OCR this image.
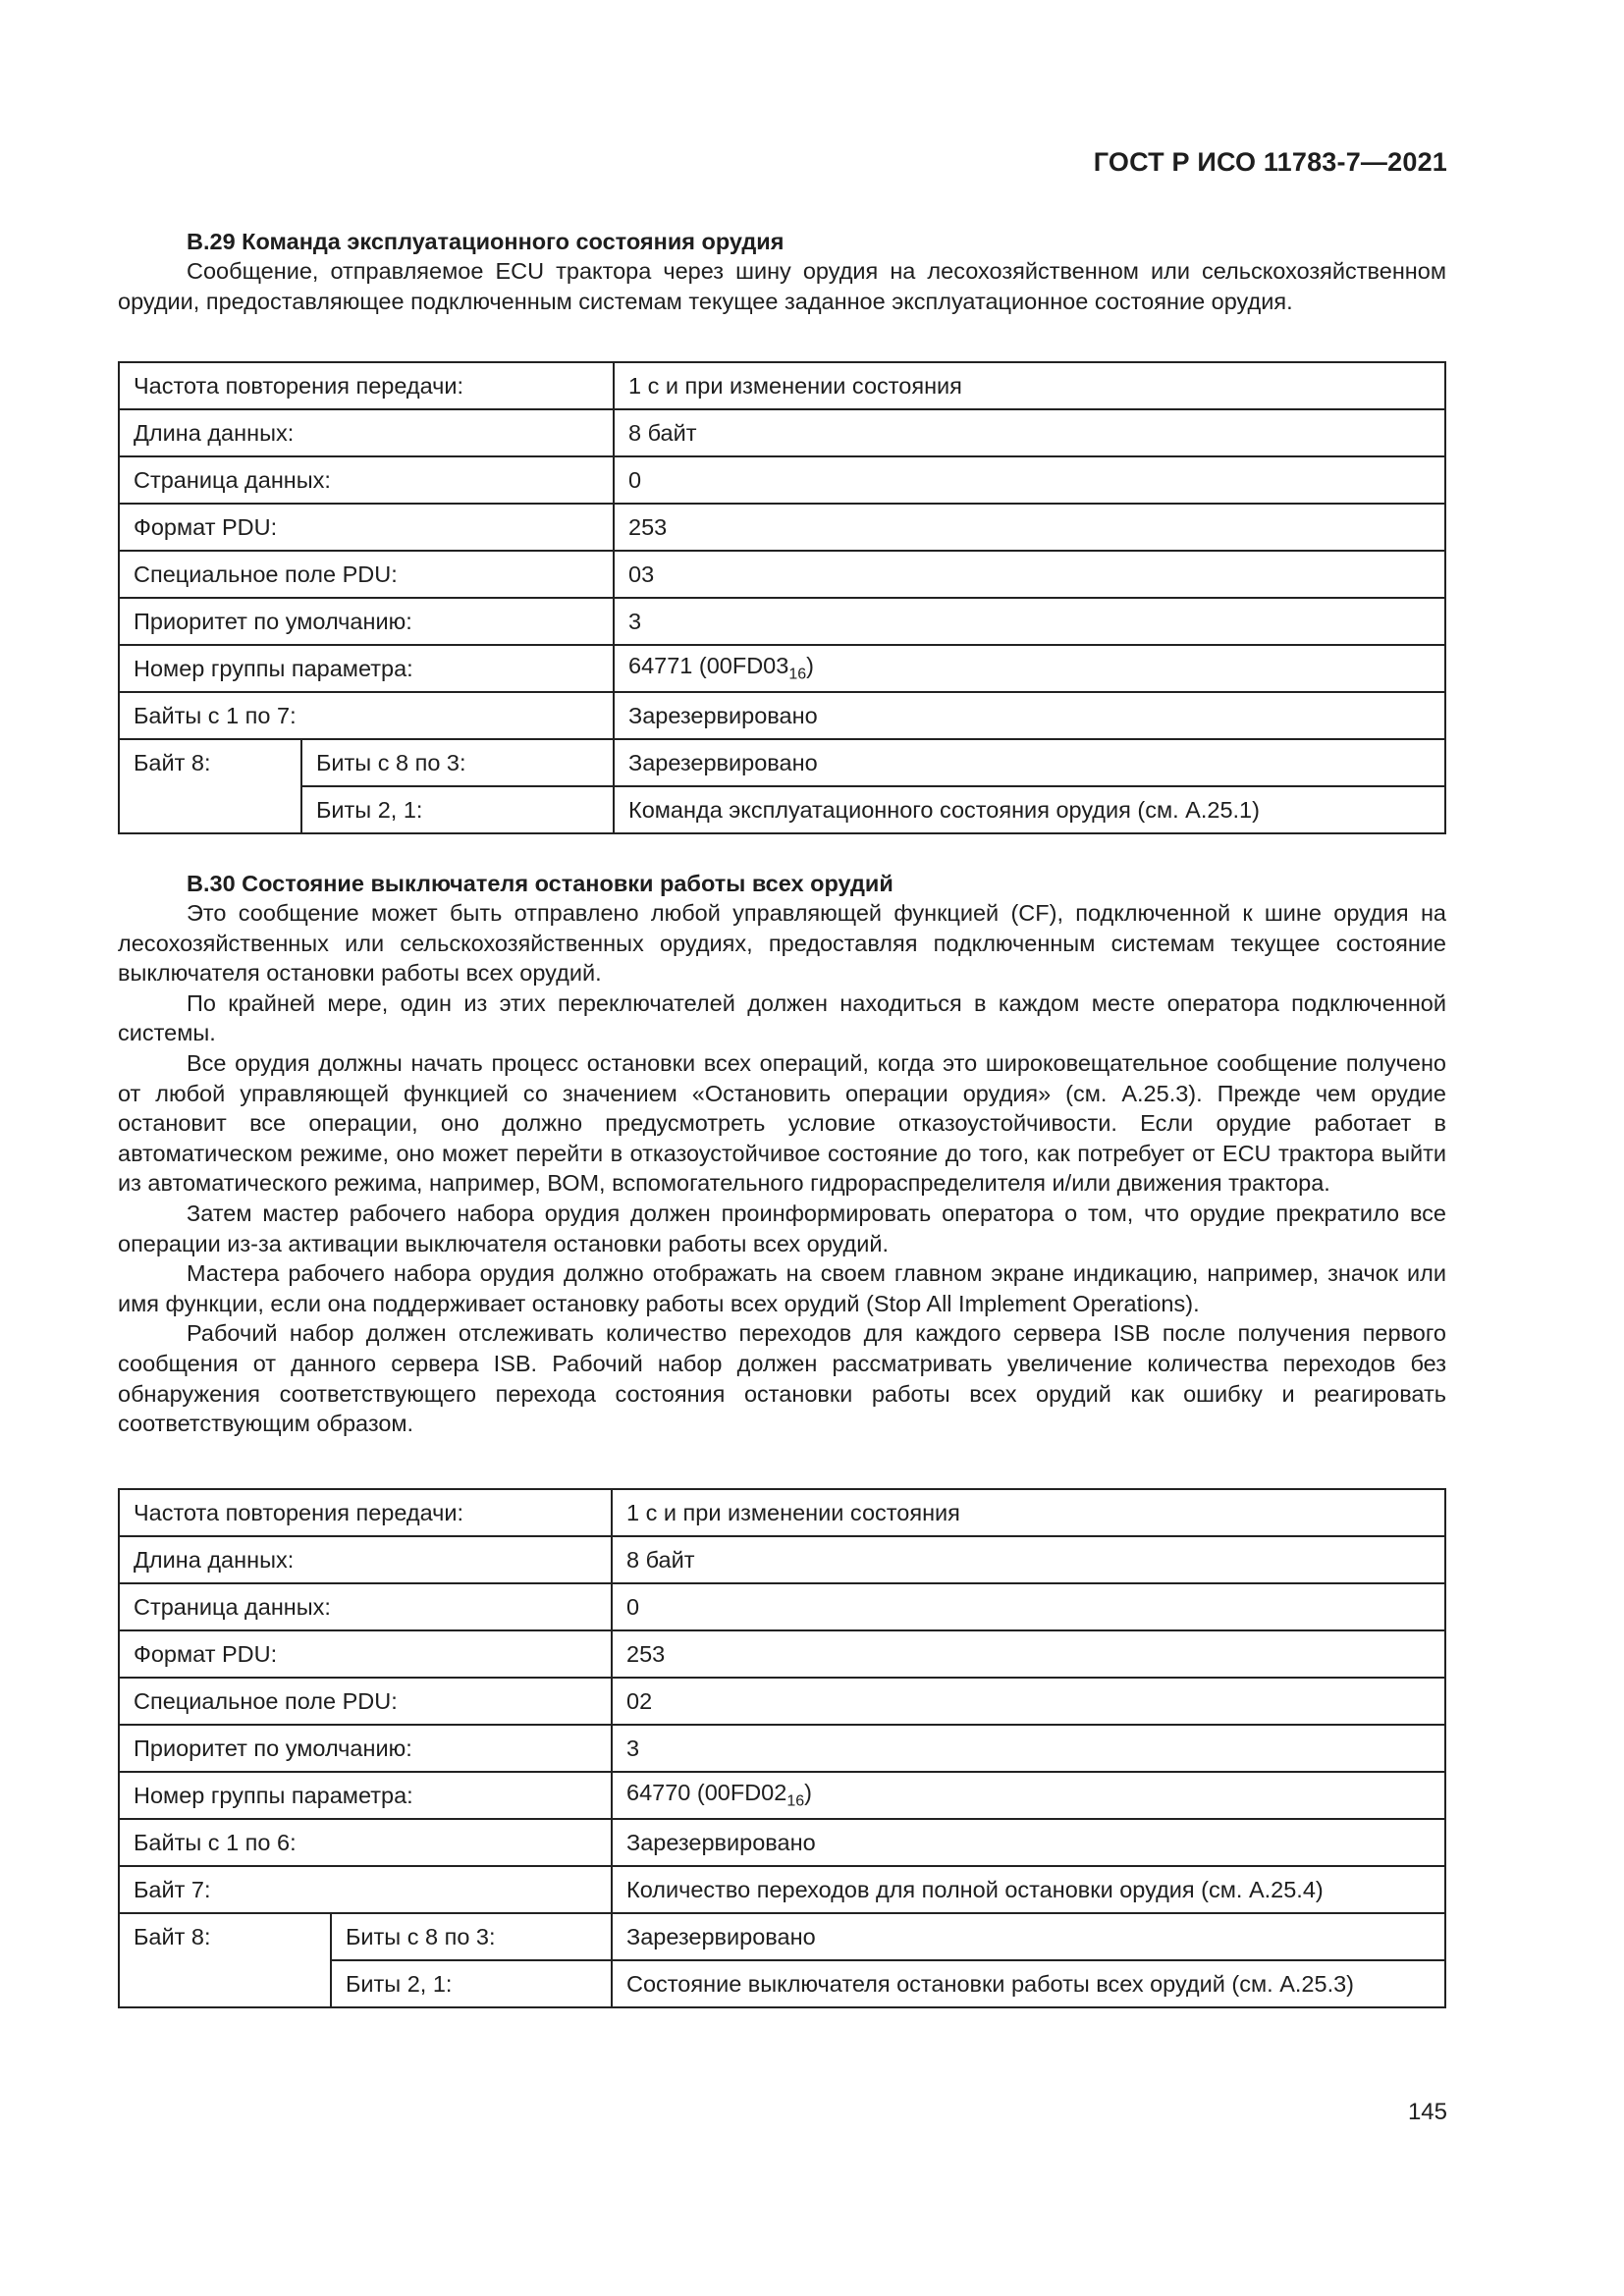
ГОСТ Р ИСО 11783-7—2021
B.29 Команда эксплуатационного состояния орудия

Сообщение, отправляемое ECU трактора через шину орудия на лесохозяйственном или сельскохозяйственном орудии, предоставляющее подключенным системам текущее заданное эксплуатационное состояние орудия.

Частота повторения передачи:		1 с и при изменении состояния
Длина данных:		8 байт
Страница данных:		0
Формат PDU:		253
Специальное поле PDU:		03
Приоритет по умолчанию:		3
Номер группы параметра:		64771 $(00FD03_{16})$
Байты с 1 по 7:		Зарезервировано
Байт 8:	Биты с 8 по 3:	Зарезервировано
	Биты 2, 1:	Команда эксплуатационного состояния орудия (см. А.25.1)
B.30 Состояние выключателя остановки работы всех орудий

Это сообщение может быть отправлено любой управляющей функцией (CF), подключенной к шине орудия на лесохозяйственных или сельскохозяйственных орудиях, предоставляя подключенным системам текущее состояние выключателя остановки работы всех орудий.

По крайней мере, один из этих переключателей должен находиться в каждом месте оператора подключенной системы.

Все орудия должны начать процесс остановки всех операций, когда это широковещательное сообщение получено от любой управляющей функцией со значением «Остановить операции орудия» (см. А.25.3). Прежде чем орудие остановит все операции, оно должно предусмотреть условие отказоустойчивости. Если орудие работает в автоматическом режиме, оно может перейти в отказоустойчивое состояние до того, как потребует от ECU трактора выйти из автоматического режима, например, ВОМ, вспомогательного гидрораспределителя и/или движения трактора.

Затем мастер рабочего набора орудия должен проинформировать оператора о том, что орудие прекратило все операции из-за активации выключателя остановки работы всех орудий.

Мастера рабочего набора орудия должно отображать на своем главном экране индикацию, например, значок или имя функции, если она поддерживает остановку работы всех орудий (Stop All Implement Operations).

Рабочий набор должен отслеживать количество переходов для каждого сервера ISB после получения первого сообщения от данного сервера ISB. Рабочий набор должен рассматривать увеличение количества переходов без обнаружения соответствующего перехода состояния остановки работы всех орудий как ошибку и реагировать соответствующим образом.

Частота повторения передачи:		1 с и при изменении состояния
Длина данных:		8 байт
Страница данных:		0
Формат PDU:		253
Специальное поле PDU:		02
Приоритет по умолчанию:		3
Номер группы параметра:		64770 $(00FD02_{16})$
Байты с 1 по 6:		Зарезервировано
Байт 7:		Количество переходов для полной остановки орудия (см. А.25.4)
Байт 8:	Биты с 8 по 3:	Зарезервировано
	Биты 2, 1:	Состояние выключателя остановки работы всех орудий (см. А.25.3)
145
